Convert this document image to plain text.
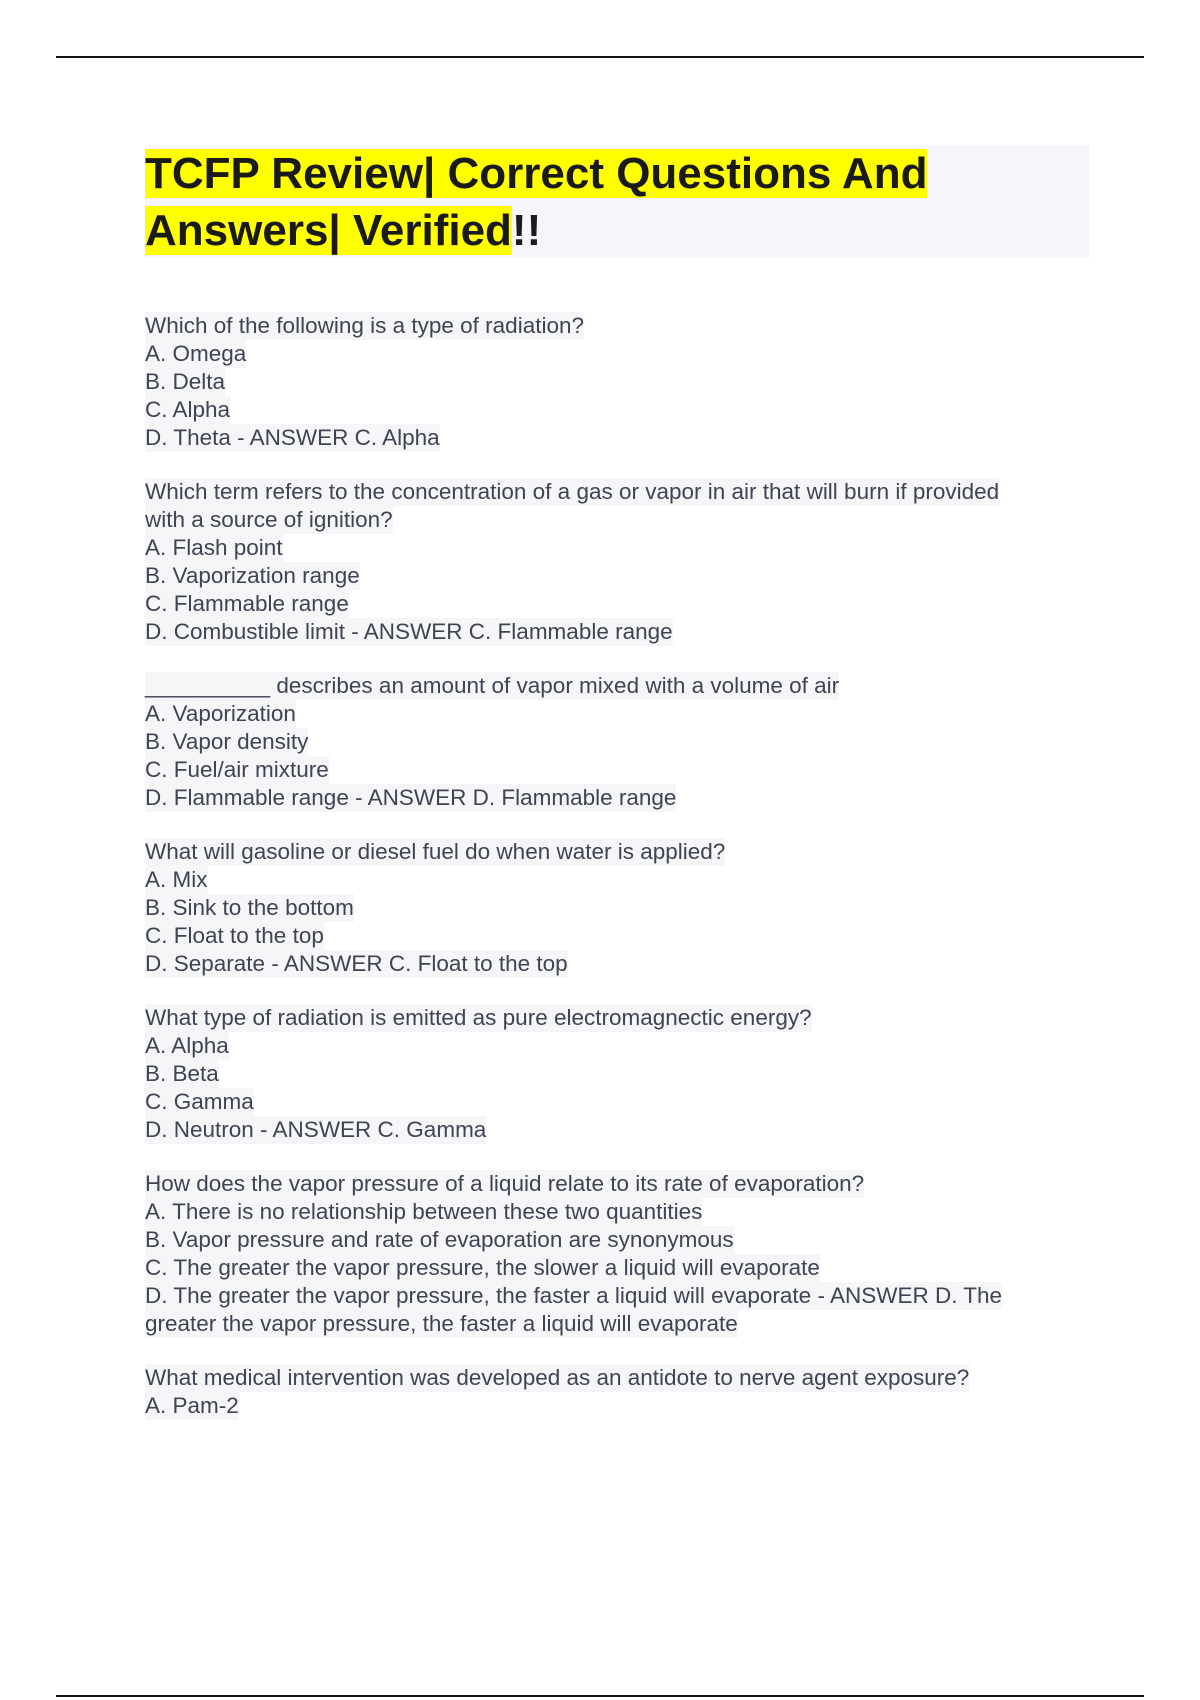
TCFP Review| Correct Questions And Answers| Verified!!
Which of the following is a type of radiation?
A. Omega
B. Delta
C. Alpha
D. Theta - ANSWER C. Alpha
Which term refers to the concentration of a gas or vapor in air that will burn if provided
with a source of ignition?
A. Flash point
B. Vaporization range
C. Flammable range
D. Combustible limit - ANSWER C. Flammable range
__________ describes an amount of vapor mixed with a volume of air
A. Vaporization
B. Vapor density
C. Fuel/air mixture
D. Flammable range - ANSWER D. Flammable range
What will gasoline or diesel fuel do when water is applied?
A. Mix
B. Sink to the bottom
C. Float to the top
D. Separate - ANSWER C. Float to the top
What type of radiation is emitted as pure electromagnectic energy?
A. Alpha
B. Beta
C. Gamma
D. Neutron - ANSWER C. Gamma
How does the vapor pressure of a liquid relate to its rate of evaporation?
A. There is no relationship between these two quantities
B. Vapor pressure and rate of evaporation are synonymous
C. The greater the vapor pressure, the slower a liquid will evaporate
D. The greater the vapor pressure, the faster a liquid will evaporate - ANSWER D. The
greater the vapor pressure, the faster a liquid will evaporate
What medical intervention was developed as an antidote to nerve agent exposure?
A. Pam-2
